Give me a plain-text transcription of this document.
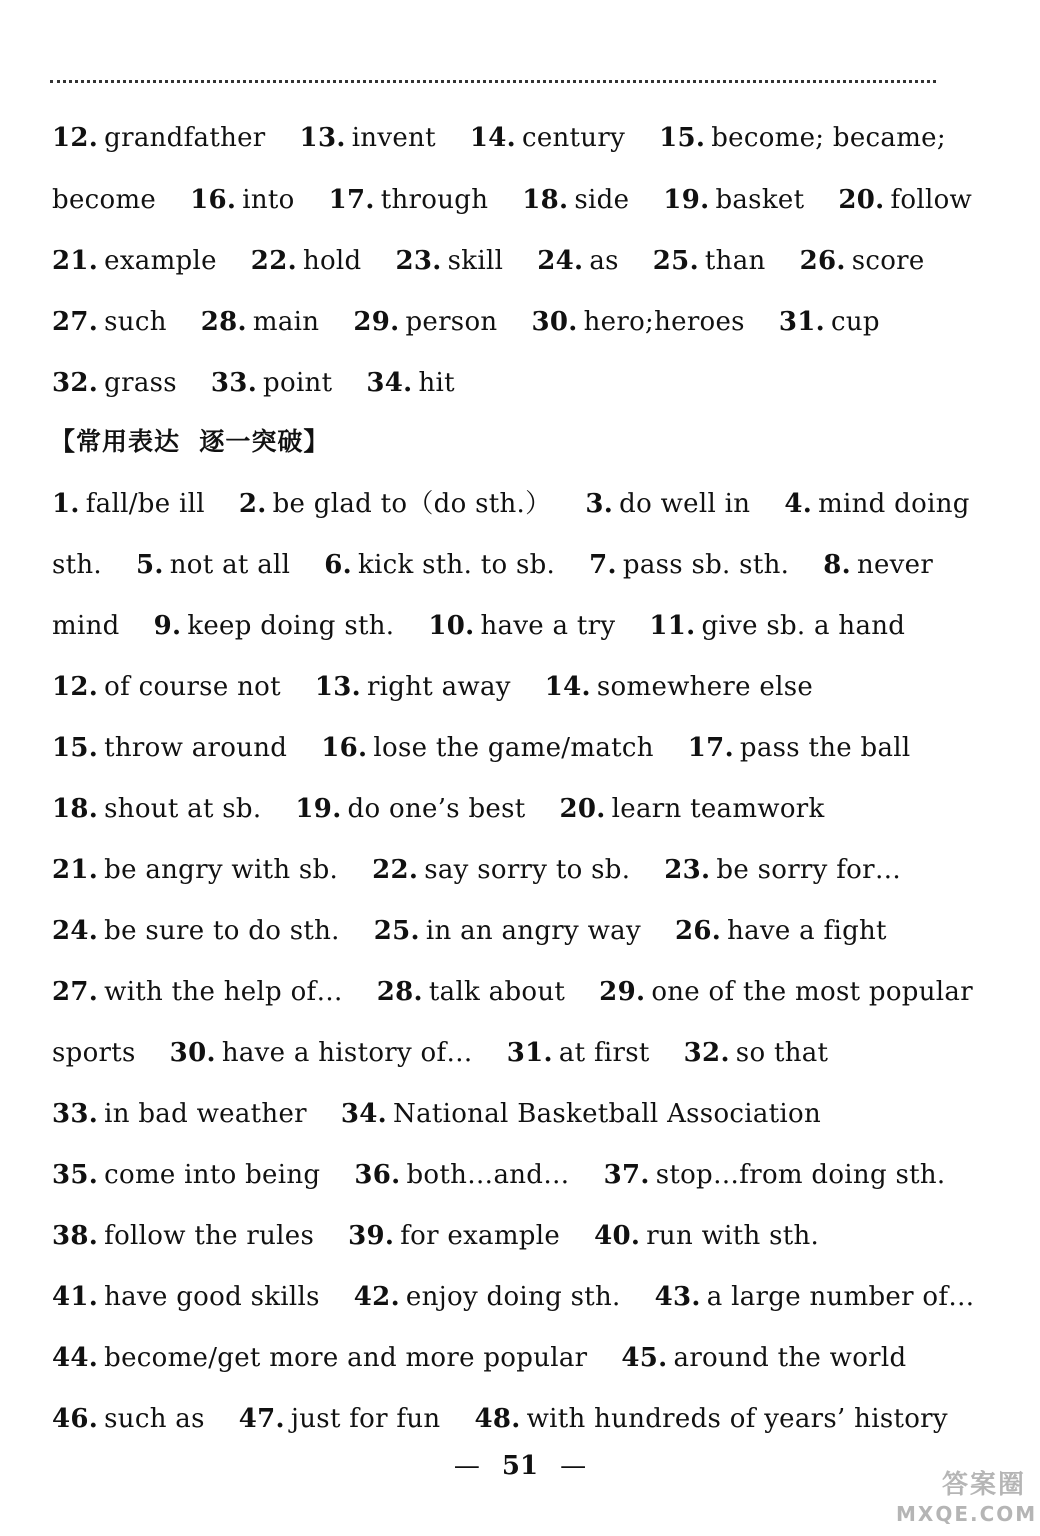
12. grandfather 13. invent 14. century 15. become; became;
become 16. into 17. through 18. side 19. basket 20. follow
21. example 22. hold 23. skill 24. as 25. than 26. score
27. such 28. main 29. person 30. hero;heroes 31. cup
32. grass 33. point 34. hit
【常用表达  逐一突破】
1. fall/be ill 2. be glad to（do sth.） 3. do well in 4. mind doing
sth. 5. not at all 6. kick sth. to sb. 7. pass sb. sth. 8. never
mind 9. keep doing sth. 10. have a try 11. give sb. a hand
12. of course not 13. right away 14. somewhere else
15. throw around 16. lose the game/match 17. pass the ball
18. shout at sb. 19. do one’s best 20. learn teamwork
21. be angry with sb. 22. say sorry to sb. 23. be sorry for…
24. be sure to do sth. 25. in an angry way 26. have a fight
27. with the help of… 28. talk about 29. one of the most popular
sports 30. have a history of… 31. at first 32. so that
33. in bad weather 34. National Basketball Association
35. come into being 36. both…and… 37. stop…from doing sth.
38. follow the rules 39. for example 40. run with sth.
41. have good skills 42. enjoy doing sth. 43. a large number of…
44. become/get more and more popular 45. around the world
46. such as 47. just for fun 48. with hundreds of years’ history
— 51 —
答案圈
MXQE.COM
